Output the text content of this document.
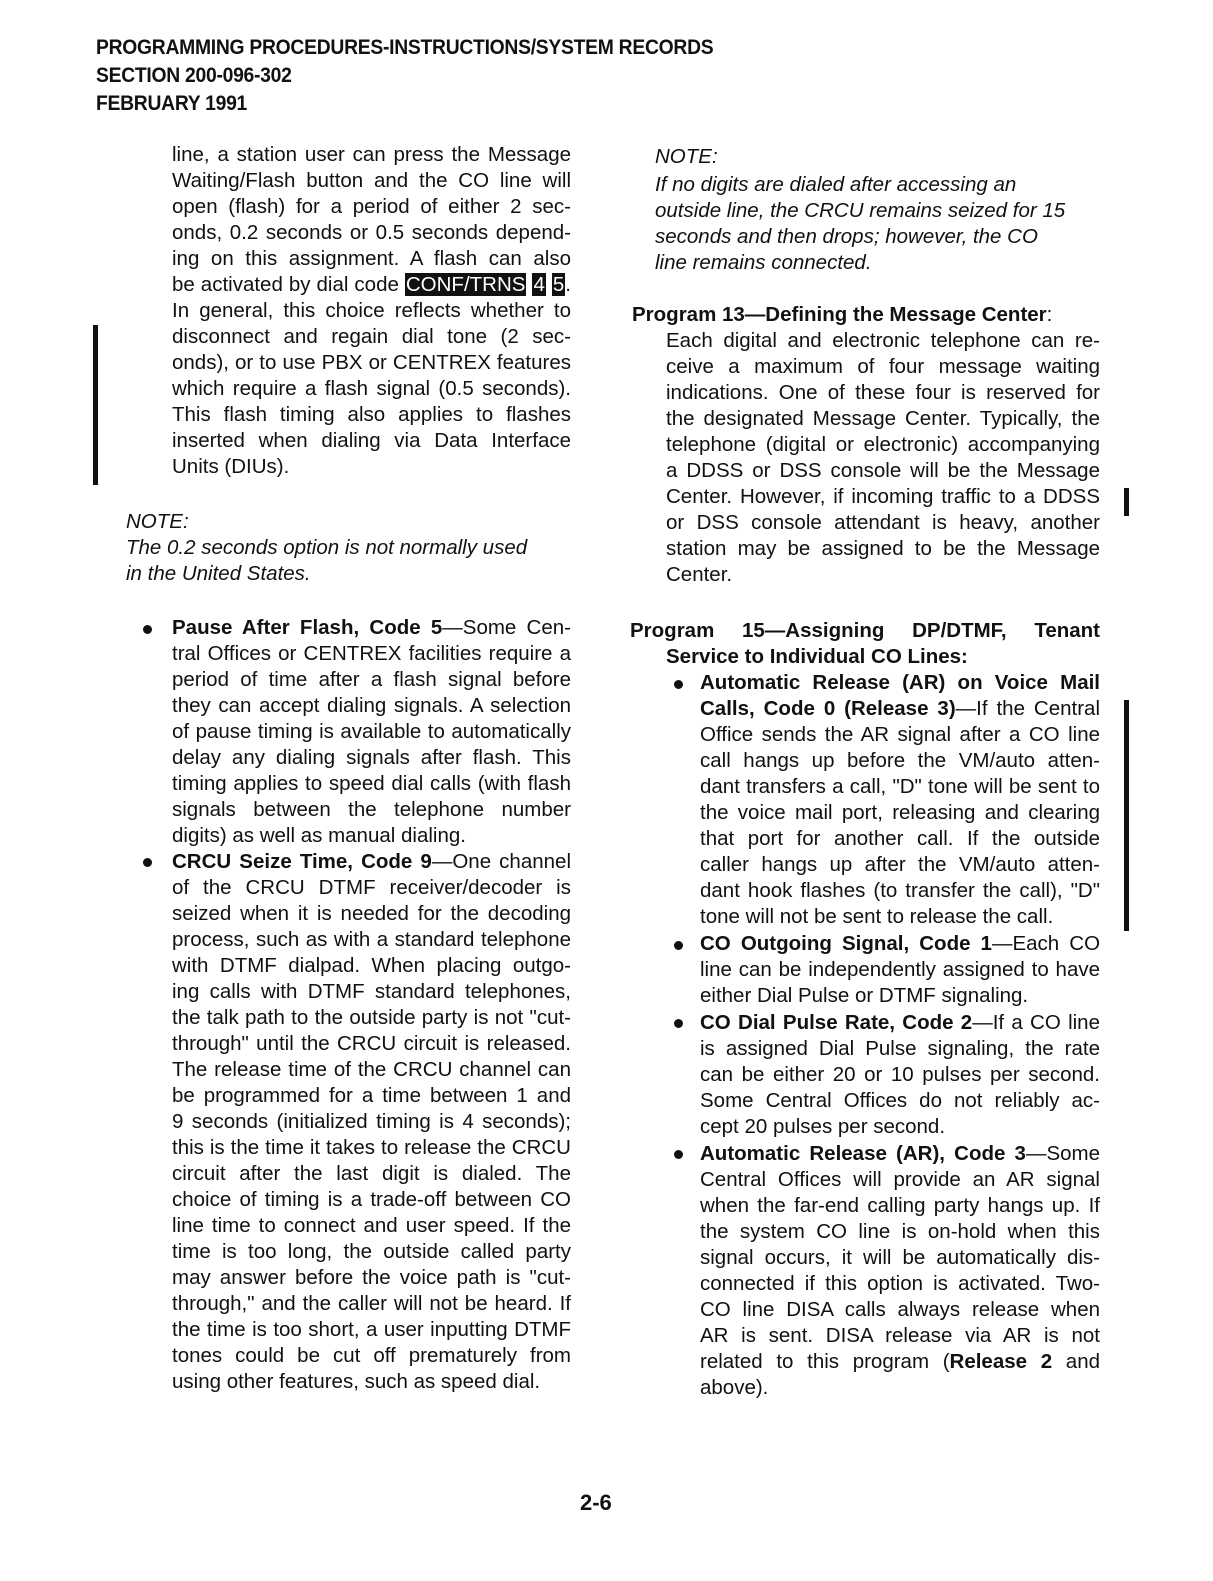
PROGRAMMING PROCEDURES-INSTRUCTIONS/SYSTEM RECORDS
SECTION 200-096-302
FEBRUARY 1991
line, a station user can press the Message
Waiting/Flash button and the CO line will
open (flash) for a period of either 2 sec-
onds, 0.2 seconds or 0.5 seconds depend-
ing on this assignment. A flash can also
be activated by dial code CONF/TRNS 4 5.
In general, this choice reflects whether to
disconnect and regain dial tone (2 sec-
onds), or to use PBX or CENTREX features
which require a flash signal (0.5 seconds).
This flash timing also applies to flashes
inserted when dialing via Data Interface
Units (DIUs).
NOTE:
The 0.2 seconds option is not normally used
in the United States.
Pause After Flash, Code 5—Some Cen-
tral Offices or CENTREX facilities require a
period of time after a flash signal before
they can accept dialing signals. A selection
of pause timing is available to automatically
delay any dialing signals after flash. This
timing applies to speed dial calls (with flash
signals between the telephone number
digits) as well as manual dialing.
CRCU Seize Time, Code 9—One channel
of the CRCU DTMF receiver/decoder is
seized when it is needed for the decoding
process, such as with a standard telephone
with DTMF dialpad. When placing outgo-
ing calls with DTMF standard telephones,
the talk path to the outside party is not "cut-
through" until the CRCU circuit is released.
The release time of the CRCU channel can
be programmed for a time between 1 and
9 seconds (initialized timing is 4 seconds);
this is the time it takes to release the CRCU
circuit after the last digit is dialed. The
choice of timing is a trade-off between CO
line time to connect and user speed. If the
time is too long, the outside called party
may answer before the voice path is "cut-
through," and the caller will not be heard. If
the time is too short, a user inputting DTMF
tones could be cut off prematurely from
using other features, such as speed dial.
NOTE:
If no digits are dialed after accessing an
outside line, the CRCU remains seized for 15
seconds and then drops; however, the CO
line remains connected.
Program 13—Defining the Message Center:
Each digital and electronic telephone can re-
ceive a maximum of four message waiting
indications. One of these four is reserved for
the designated Message Center. Typically, the
telephone (digital or electronic) accompanying
a DDSS or DSS console will be the Message
Center. However, if incoming traffic to a DDSS
or DSS console attendant is heavy, another
station may be assigned to be the Message
Center.
Program 15—Assigning DP/DTMF, Tenant
Service to Individual CO Lines:
Automatic Release (AR) on Voice Mail
Calls, Code 0 (Release 3)—If the Central
Office sends the AR signal after a CO line
call hangs up before the VM/auto atten-
dant transfers a call, "D" tone will be sent to
the voice mail port, releasing and clearing
that port for another call. If the outside
caller hangs up after the VM/auto atten-
dant hook flashes (to transfer the call), "D"
tone will not be sent to release the call.
CO Outgoing Signal, Code 1—Each CO
line can be independently assigned to have
either Dial Pulse or DTMF signaling.
CO Dial Pulse Rate, Code 2—If a CO line
is assigned Dial Pulse signaling, the rate
can be either 20 or 10 pulses per second.
Some Central Offices do not reliably ac-
cept 20 pulses per second.
Automatic Release (AR), Code 3—Some
Central Offices will provide an AR signal
when the far-end calling party hangs up. If
the system CO line is on-hold when this
signal occurs, it will be automatically dis-
connected if this option is activated. Two-
CO line DISA calls always release when
AR is sent. DISA release via AR is not
related to this program (Release 2 and
above).
2-6
